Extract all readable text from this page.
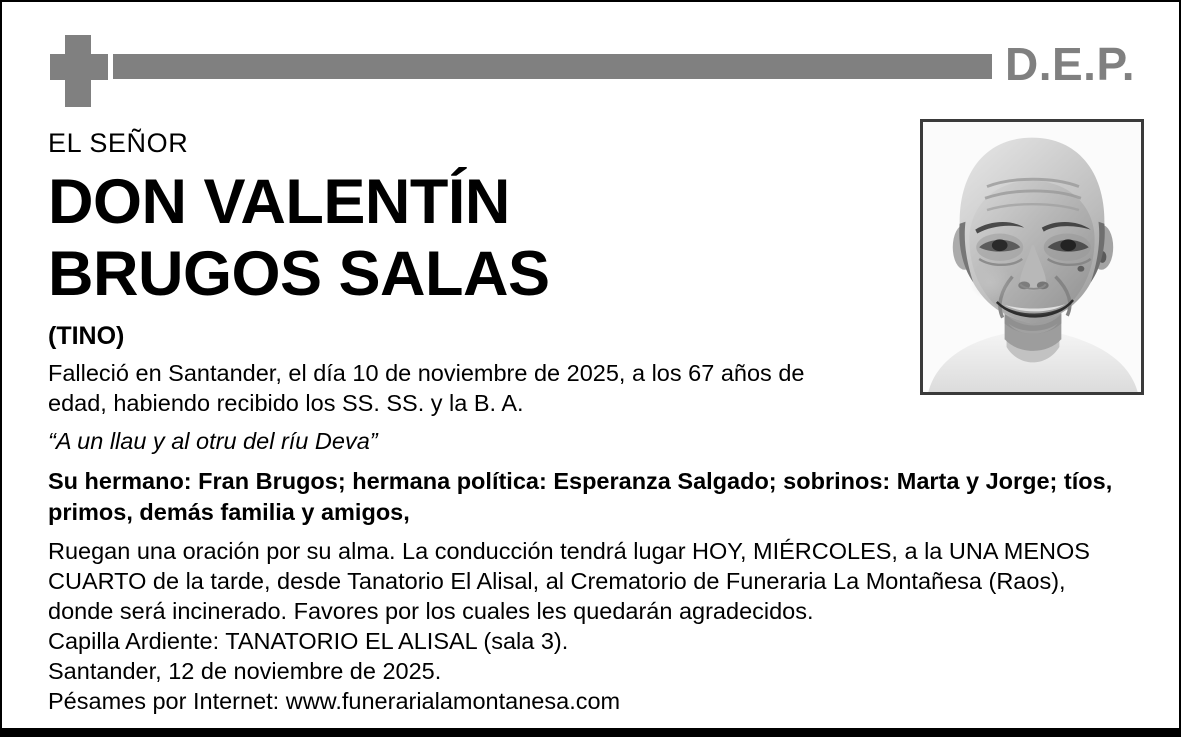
D.E.P.
EL SEÑOR
DON VALENTÍN
BRUGOS SALAS
(TINO)
Falleció en Santander, el día 10 de noviembre de 2025, a los 67 años de edad, habiendo recibido los SS. SS. y la B. A.
“A un llau y al otru del ríu Deva”
Su hermano: Fran Brugos; hermana política: Esperanza Salgado; sobrinos: Marta y Jorge; tíos, primos, demás familia y amigos,
Ruegan una oración por su alma. La conducción tendrá lugar HOY, MIÉRCOLES, a la UNA MENOS CUARTO de la tarde, desde Tanatorio El Alisal, al Crematorio de Funeraria La Montañesa (Raos), donde será incinerado. Favores por los cuales les quedarán agradecidos.
Capilla Ardiente: TANATORIO EL ALISAL (sala 3).
Santander, 12 de noviembre de 2025.
Pésames por Internet: www.funerarialamontanesa.com
